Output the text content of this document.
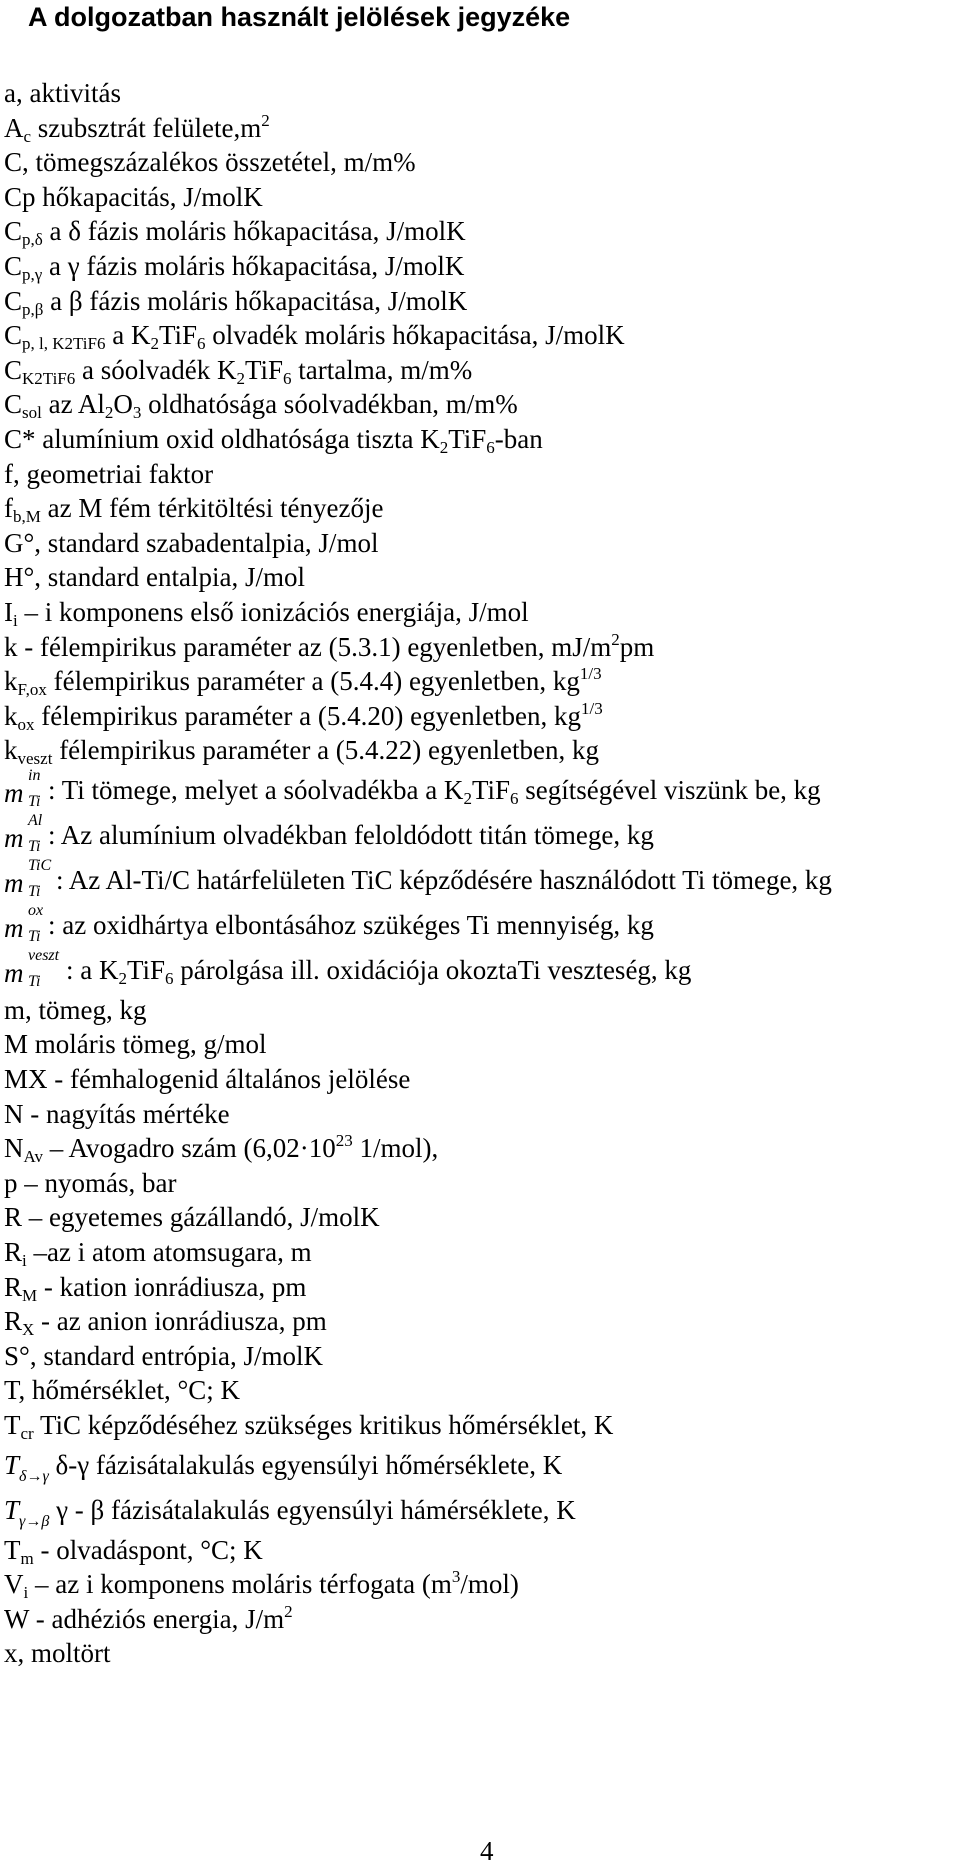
A dolgozatban használt jelölések jegyzéke
a, aktivitás
$A_c$ szubsztrát $felülete,m^2$
C, tömegszázalékos összetétel, m/m%
Cp hőkapacitás, J/molK
$C_{p,\delta}$ a δ fázis moláris hőkapacitása, J/molK
$C_{p,\gamma}$ a γ fázis moláris hőkapacitása, J/molK
$C_{p,\beta}$ a β fázis moláris hőkapacitása, J/molK
$C_{p, l, K2TiF6}$ a $K_2TiF_6$ olvadék moláris hőkapacitása, J/molK
$C_{K2TiF6}$ a sóolvadék $K_2TiF_6$ tartalma, m/m%
$C_{sol}$ az $Al_2O_3$ oldhatósága sóolvadékban, m/m%
C* alumínium oxid oldhatósága tiszta $K_2TiF_6$-ban
f, geometriai faktor
$f_{b,M}$ az M fém térkitöltési tényezője
G°, standard szabadentalpia, J/mol
H°, standard entalpia, J/mol
$I_i$ – i komponens első ionizációs energiája, J/mol
k - félempirikus paraméter az (5.3.1) egyenletben, $mJ/m^2pm$
$k_{F,ox}$ félempirikus paraméter a (5.4.4) egyenletben, $kg^{1/3}$
$k_{ox}$ félempirikus paraméter a (5.4.20) egyenletben, $kg^{1/3}$
$k_{veszt}$ félempirikus paraméter a (5.4.22) egyenletben, kg
m
in
Ti : Ti tömege, melyet a sóolvadékba a $K_2TiF_6$ segítségével viszünk be, kg
m
Al
Ti : Az alumínium olvadékban feloldódott titán tömege, kg
m
TiC
Ti : Az Al-Ti/C határfelületen TiC képződésére használódott Ti tömege, kg
m
ox
Ti : az oxidhártya elbontásához szükéges Ti mennyiség, kg
m
veszt
Ti : a $K_2TiF_6$ párolgása ill. oxidációja okoztaTi veszteség, kg
m, tömeg, kg
M moláris tömeg, g/mol
MX - fémhalogenid általános jelölése
N - nagyítás mértéke
$N_{Av}$ – Avogadro szám ($6,02\cdot 10^{23}$ 1/mol),
p – nyomás, bar
R – egyetemes gázállandó, J/molK
$R_i$ –az i atom atomsugara, m
$R_M$ - kation ionrádiusza, pm
$R_X$ - az anion ionrádiusza, pm
S°, standard entrópia, J/molK
T, hőmérséklet, °C; K
$T_{cr}$ TiC képződéséhez szükséges kritikus hőmérséklet, K
$T_{\delta\to\gamma}$ δ-γ fázisátalakulás egyensúlyi hőmérséklete, K
$T_{\gamma\to\beta}$ γ - β fázisátalakulás egyensúlyi hámérséklete, K
$T_m$ - olvadáspont, °C; K
$V_i$ – az i komponens moláris térfogata $(m^3/mol)$
W - adhéziós energia, $J/m^2$
x, moltört
4
